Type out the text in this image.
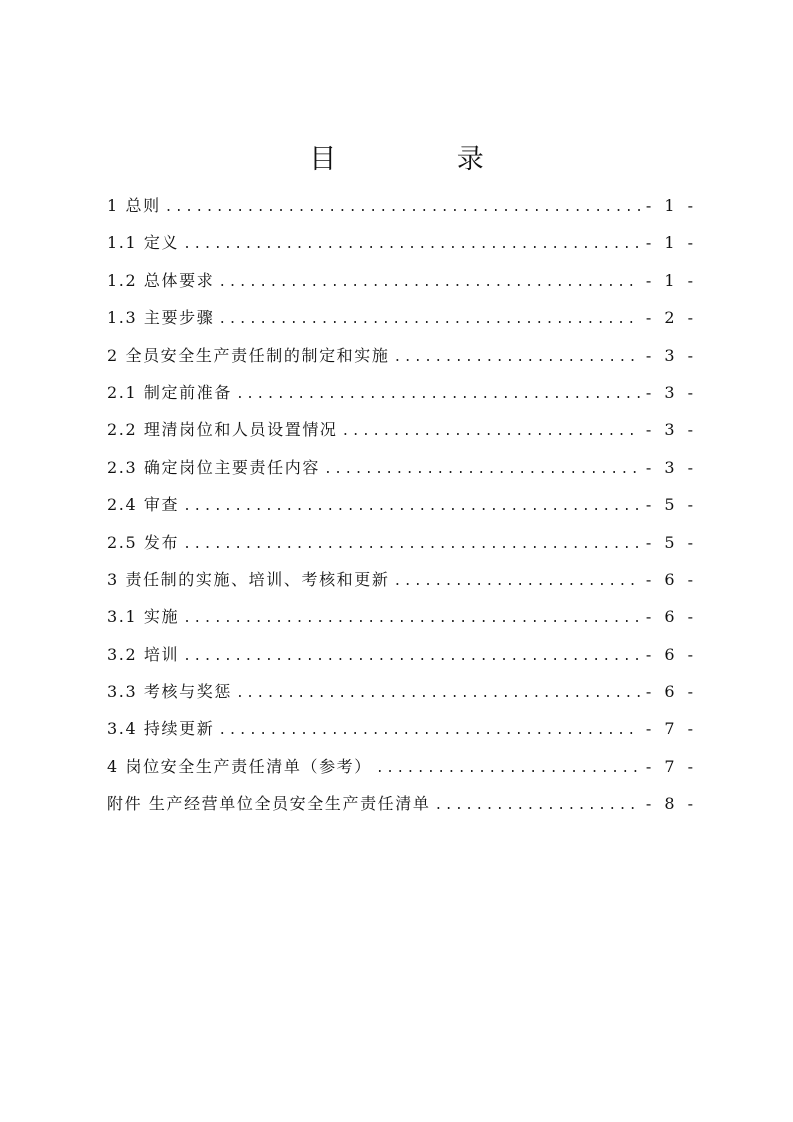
目 录
1 总则 .....	- 1 -
1.1 定义 .....	- 1 -
1.2 总体要求 .....	- 1 -
1.3 主要步骤 .....	- 2 -
2 全员安全生产责任制的制定和实施 .....	- 3 -
2.1 制定前准备 .....	- 3 -
2.2 理清岗位和人员设置情况 .....	- 3 -
2.3 确定岗位主要责任内容 .....	- 3 -
2.4 审查 .....	- 5 -
2.5 发布 .....	- 5 -
3 责任制的实施、培训、考核和更新 .....	- 6 -
3.1 实施 .....	- 6 -
3.2 培训 .....	- 6 -
3.3 考核与奖惩 .....	- 6 -
3.4 持续更新 .....	- 7 -
4 岗位安全生产责任清单（参考） .....	- 7 -
附件 生产经营单位全员安全生产责任清单 .....	- 8 -
